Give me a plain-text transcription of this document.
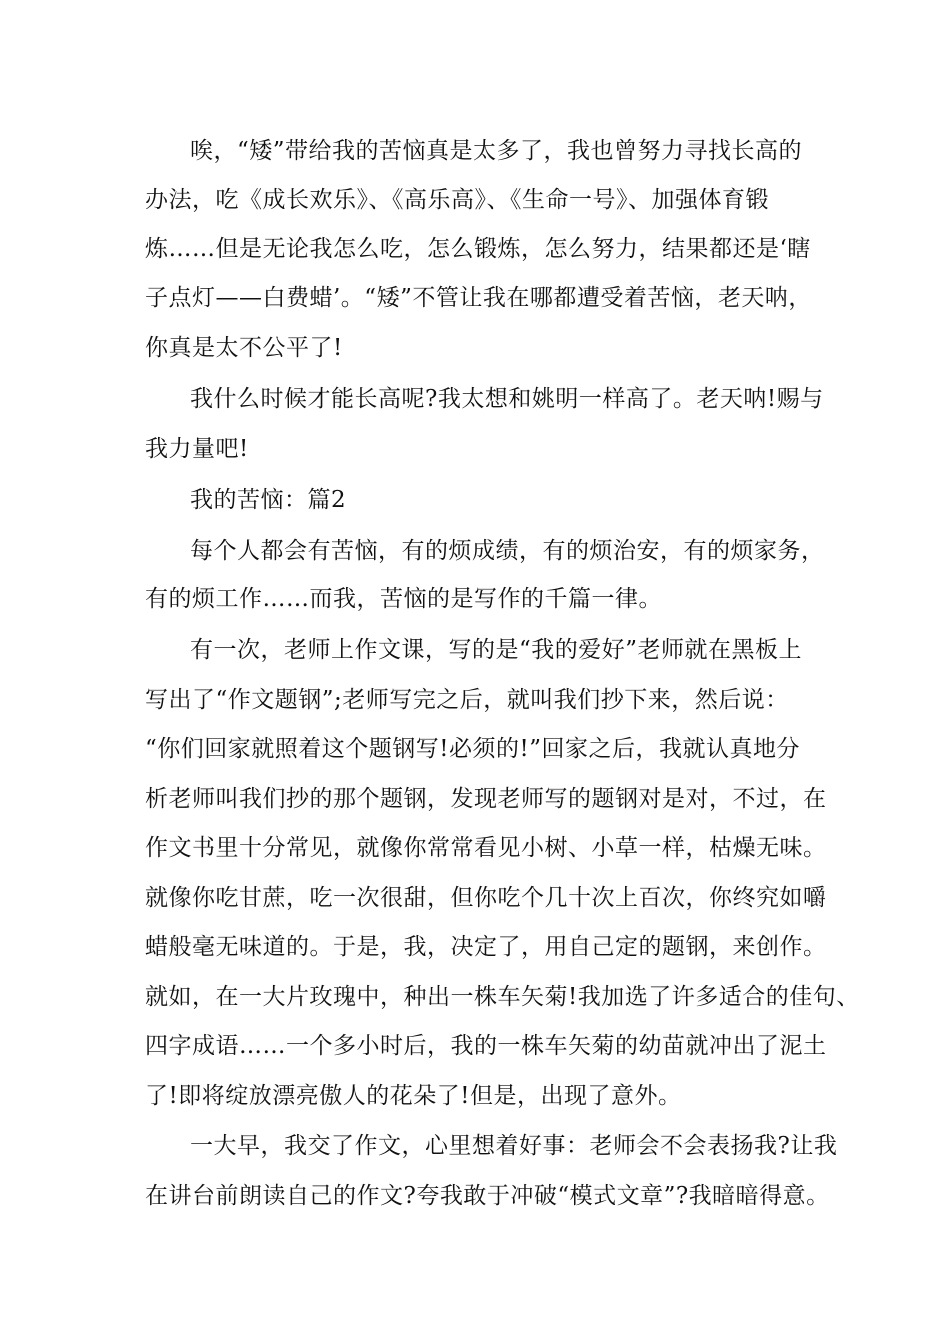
唉，“矮”带给我的苦恼真是太多了，我也曾努力寻找长高的
办法，吃《成长欢乐》、《高乐高》、《生命一号》、加强体育锻
炼……但是无论我怎么吃，怎么锻炼，怎么努力，结果都还是‘瞎
子点灯——白费蜡’。“矮”不管让我在哪都遭受着苦恼，老天呐，
你真是太不公平了!
我什么时候才能长高呢?我太想和姚明一样高了。老天呐!赐与
我力量吧!
我的苦恼：篇2
每个人都会有苦恼，有的烦成绩，有的烦治安，有的烦家务，
有的烦工作……而我，苦恼的是写作的千篇一律。
有一次，老师上作文课，写的是“我的爱好”老师就在黑板上
写出了“作文题钢”;老师写完之后，就叫我们抄下来，然后说：
“你们回家就照着这个题钢写!必须的!”回家之后，我就认真地分
析老师叫我们抄的那个题钢，发现老师写的题钢对是对，不过，在
作文书里十分常见，就像你常常看见小树、小草一样，枯燥无味。
就像你吃甘蔗，吃一次很甜，但你吃个几十次上百次，你终究如嚼
蜡般毫无味道的。于是，我，决定了，用自己定的题钢，来创作。
就如，在一大片玫瑰中，种出一株车矢菊!我加选了许多适合的佳句、
四字成语……一个多小时后，我的一株车矢菊的幼苗就冲出了泥土
了!即将绽放漂亮傲人的花朵了!但是，出现了意外。
一大早，我交了作文，心里想着好事：老师会不会表扬我?让我
在讲台前朗读自己的作文?夸我敢于冲破“模式文章”?我暗暗得意。
